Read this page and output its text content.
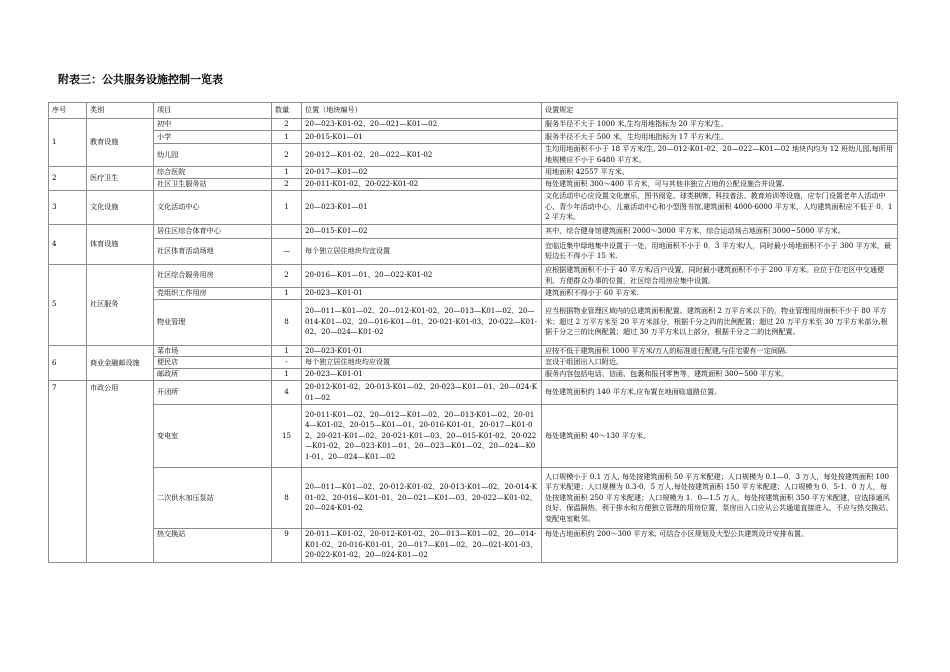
附表三：公共服务设施控制一览表
序号	类别	项目	数量	位置（地块编号）	设置规定
1	教育设施	初中	2	20—023-K01-02、20—021—K01—02	服务半径不大于 1000 米,生均用地指标为 20 平方米/生。
		小学	1	20-015-K01—01	服务半径不大于 500 米，生均用地指标为 17 平方米/生。
		幼儿园	2	20-012—K01-02、20—022—K01-02	生均用地面积不小于 18 平方米/生, 20—012-K01-02、20—022—K01—02 地块内均为 12 班幼儿园,每所用地规模应不小于 6480 平方米。
2	医疗卫生	综合医院	1	20-017—K01—02	用地面积 42557 平方米。
		社区卫生服务站	2	20-011-K01-02、20-022-K01-02	每处建筑面积 300～400 平方米，可与其他非独立占地的公配设施合并设置.
3	文化设施	文化活动中心	1	20—023-K01—01	文化活动中心应设置文化康乐、图书阅览、球类棋牌、科技普法、教育培训等设施，应专门设置老年人活动中心、青少年活动中心，儿童活动中心和小型图书馆,建筑面积 4000-6000 平方米，人均建筑面积应不低于 0．12 平方米。
4	体育设施	居住区综合体育中心		20—015-K01—02	其中，综合健身馆建筑面积 2000～3000 平方米，综合运动场占地面积 3000~5000 平方米。
		社区体育活动场地	—	每个独立居住地块均宜设置	宜临近集中绿地集中设置于一处，用地面积不小于 0．3 平方米/人，同时最小场地面积不小于 300 平方米，最短边长不得小于 15 米.
5	社区服务	社区综合服务用房	2	20-016—K01—01、20—022-K01-02	应根据建筑面积不小于 40 平方米/百户设置，同时最小建筑面积不小于 200 平方米。应位于住宅区中交通便利、方便群众办事的位置，社区综合用房应集中设置。
		党组织工作用房	1	20-023—K01-01	建筑面积不得小于 60 平方米.
		物业管理	8	20—011—K01—02、20—012-K01-02、20—013—K01—02、20—014-K01—02、20—016-K01—01、20-021-K01-03、20-022—K01-02、20—024—K01-02	应当根据物业管理区域内的总建筑面积配置。建筑面积 2 万平方米以下的，物业管理用房面积不少于 80 平方米；超过 2 万平方米至 20 平方米部分，根据千分之四的比例配置；超过 20 万平方米至 30 万平方米部分,根据千分之三的比例配置；超过 30 万平方米以上部分，根据千分之二的比例配置。
6	商业金融邮设施	菜市场	1	20—023-K01-01	应按不低于建筑面积 1000 平方米/万人的标准进行配建,与住宅要有一定间隔.
		便民店	-	每个独立居住地块均应设置	宜设于组团出入口附近。
		邮政所	1	20-023—K01-01	服务内容包括电话、信函、包裹和报刊零售等，建筑面积 300~500 平方米。
7	市政公用	开闭所	4	20-012-K01-02、20-013-K01—02、20-023—K01—01、20—024-K01—02	每处建筑面积约 140 平方米,应布置在地面临道路位置。
		变电室	15	20-011-K01—02、20—012—K01—02、20—013-K01—02、20-014—K01-02、20-015—K01—01、20-016-K01-01、20-017—K01-02、20-021-K01—02、20-021-K01—03、20—015-K01-02、20-022—K01-02、20—023-K01—01、20—023—K01—02、20—024—K01-01、20—024—K01—02	每处建筑面积 40～130 平方米。
		二次供水加压泵站	8	20—011—K01—02、20-012-K01-02、20-013-K01—02、20-014-K01-02、20-016—K01-01、20—021—K01—03、20-022—K01-02、20—024-K01-02	人口规模小于 0.1 万人, 每处按建筑面积 50 平方米配建；人口规模为 0.1—0．3 万人，每处按建筑面积 100 平方米配建；人口规模为 0.3-0．5 万人,每处按建筑面积 150 平方米配建；人口规模为 0．5-1．0 万人，每处按建筑面积 250 平方米配建；人口规模为 1．0—1.5 万人，每处按建筑面积 350 平方米配建，应选择通风良好、保温隔热、利于排水和方便独立管理的用房位置，泵房出入口应从公共通道直接进入，不应与热交换站、变配电室毗邻。
		热交换站	9	20-011—K01-02、20-012-K01-02、20—013—K01—02、20—014-K01-02、20-016-K01-01、20—017—K01—02、20—021-K01-03、20-022-K01-02、20—024-K01—02	每处占地面积约 200～300 平方米, 可结合小区规划及大型公共建筑设计安排布置。
